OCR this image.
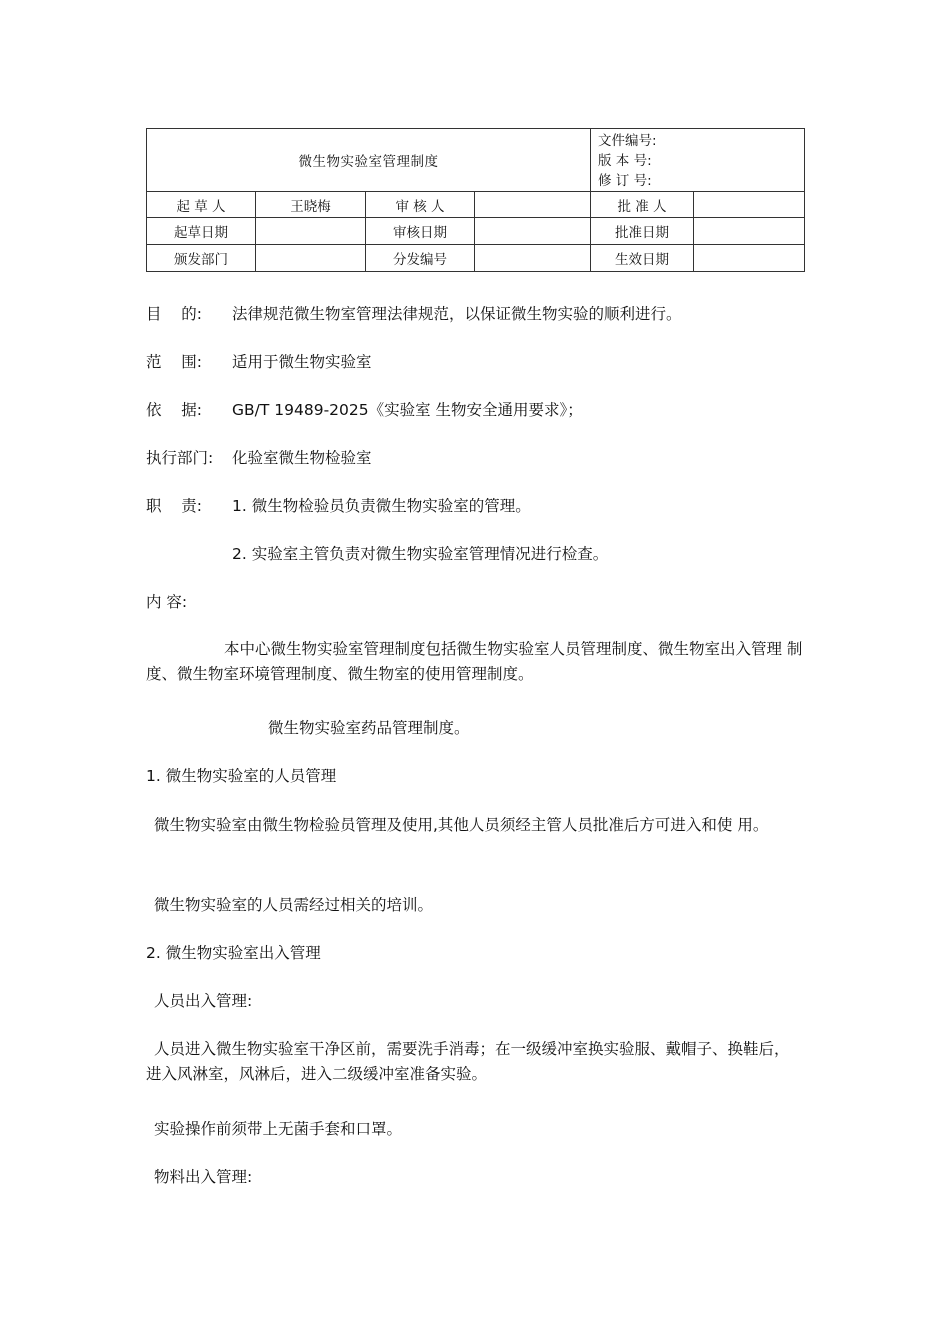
微生物实验室管理制度				文件编号:
版 本 号:
修 订 号:	

起 草 人	王晓梅	审 核 人		批 准 人	
起草日期		审核日期		批准日期	
颁发部门		分发编号		生效日期	
目    的: 法律规范微生物室管理法律规范，以保证微生物实验的顺利进行。
范    围: 适用于微生物实验室
依    据: GB/T 19489-2025《实验室 生物安全通用要求》；
执行部门: 化验室微生物检验室
职    责: 1. 微生物检验员负责微生物实验室的管理。
2. 实验室主管负责对微生物实验室管理情况进行检查。
内 容:
本中心微生物实验室管理制度包括微生物实验室人员管理制度、微生物室出入管理 制度、微生物室环境管理制度、微生物室的使用管理制度。
微生物实验室药品管理制度。
1. 微生物实验室的人员管理
微生物实验室由微生物检验员管理及使用,其他人员须经主管人员批准后方可进入和使 用。
微生物实验室的人员需经过相关的培训。
2. 微生物实验室出入管理
人员出入管理:
人员进入微生物实验室干净区前，需要洗手消毒；在一级缓冲室换实验服、戴帽子、换鞋后，进入风淋室，风淋后，进入二级缓冲室准备实验。
实验操作前须带上无菌手套和口罩。
物料出入管理:
